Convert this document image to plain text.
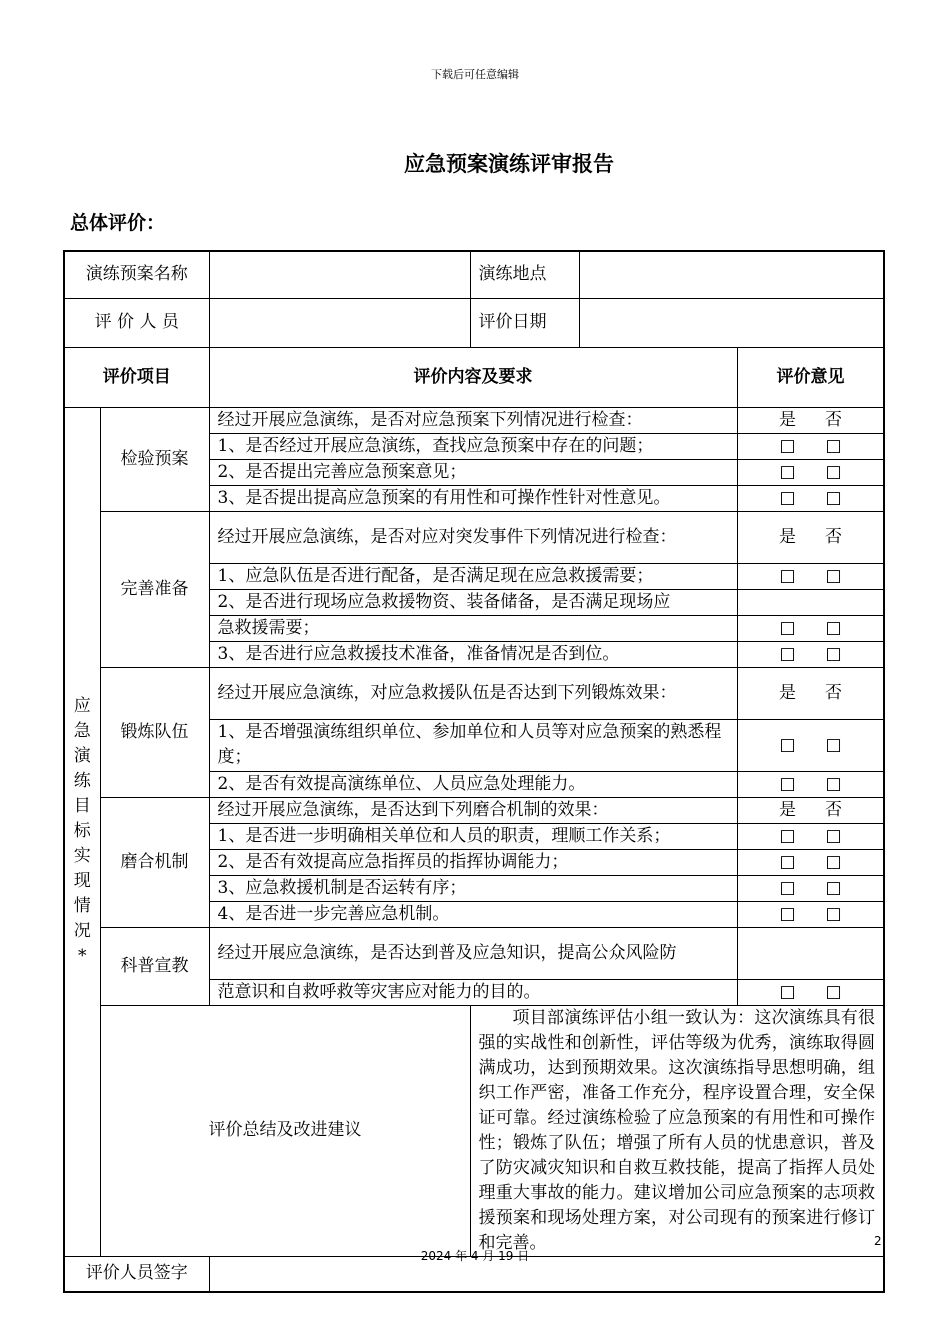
下载后可任意编辑
应急预案演练评审报告
总体评价：
演练预案名称			演练地点		
评 价 人 员			评价日期		
评价项目		评价内容及要求			评价意见

应急演练目标实现情况*	检验预案	经过开展应急演练，是否对应急预案下列情况进行检查：			是 否
		1、是否经过开展应急演练，查找应急预案中存在的问题；			□ □
		2、是否提出完善应急预案意见；			□ □
		3、是否提出提高应急预案的有用性和可操作性针对性意见。			□ □
	完善准备	经过开展应急演练，是否对应对突发事件下列情况进行检查：			是 否
		1、应急队伍是否进行配备，是否满足现在应急救援需要；			□ □
		2、是否进行现场应急救援物资、装备储备，是否满足现场应			
		急救援需要；			□ □
		3、是否进行应急救援技术准备，准备情况是否到位。			□ □
	锻炼队伍	经过开展应急演练，对应急救援队伍是否达到下列锻炼效果：			是 否
		1、是否增强演练组织单位、参加单位和人员等对应急预案的熟悉程度；			□ □
		2、是否有效提高演练单位、人员应急处理能力。			□ □
	磨合机制	经过开展应急演练，是否达到下列磨合机制的效果：			是 否
		1、是否进一步明确相关单位和人员的职责，理顺工作关系；			□ □
		2、是否有效提高应急指挥员的指挥协调能力；			□ □
		3、应急救援机制是否运转有序；			□ □
		4、是否进一步完善应急机制。			□ □
	科普宣教	经过开展应急演练，是否达到普及应急知识，提高公众风险防			
		范意识和自救呼救等灾害应对能力的目的。			□ □
	评价总结及改进建议		项目部演练评估小组一致认为：这次演练具有很强的实战性和创新性，评估等级为优秀，演练取得圆满成功，达到预期效果。这次演练指导思想明确，组织工作严密，准备工作充分，程序设置合理，安全保证可靠。经过演练检验了应急预案的有用性和可操作性；锻炼了队伍；增强了所有人员的忧患意识，普及了防灾减灾知识和自救互救技能，提高了指挥人员处理重大事故的能力。建议增加公司应急预案的志项救援预案和现场处理方案，对公司现有的预案进行修订和完善。		
评价人员签字					
2
2024 年 4 月 19 日
